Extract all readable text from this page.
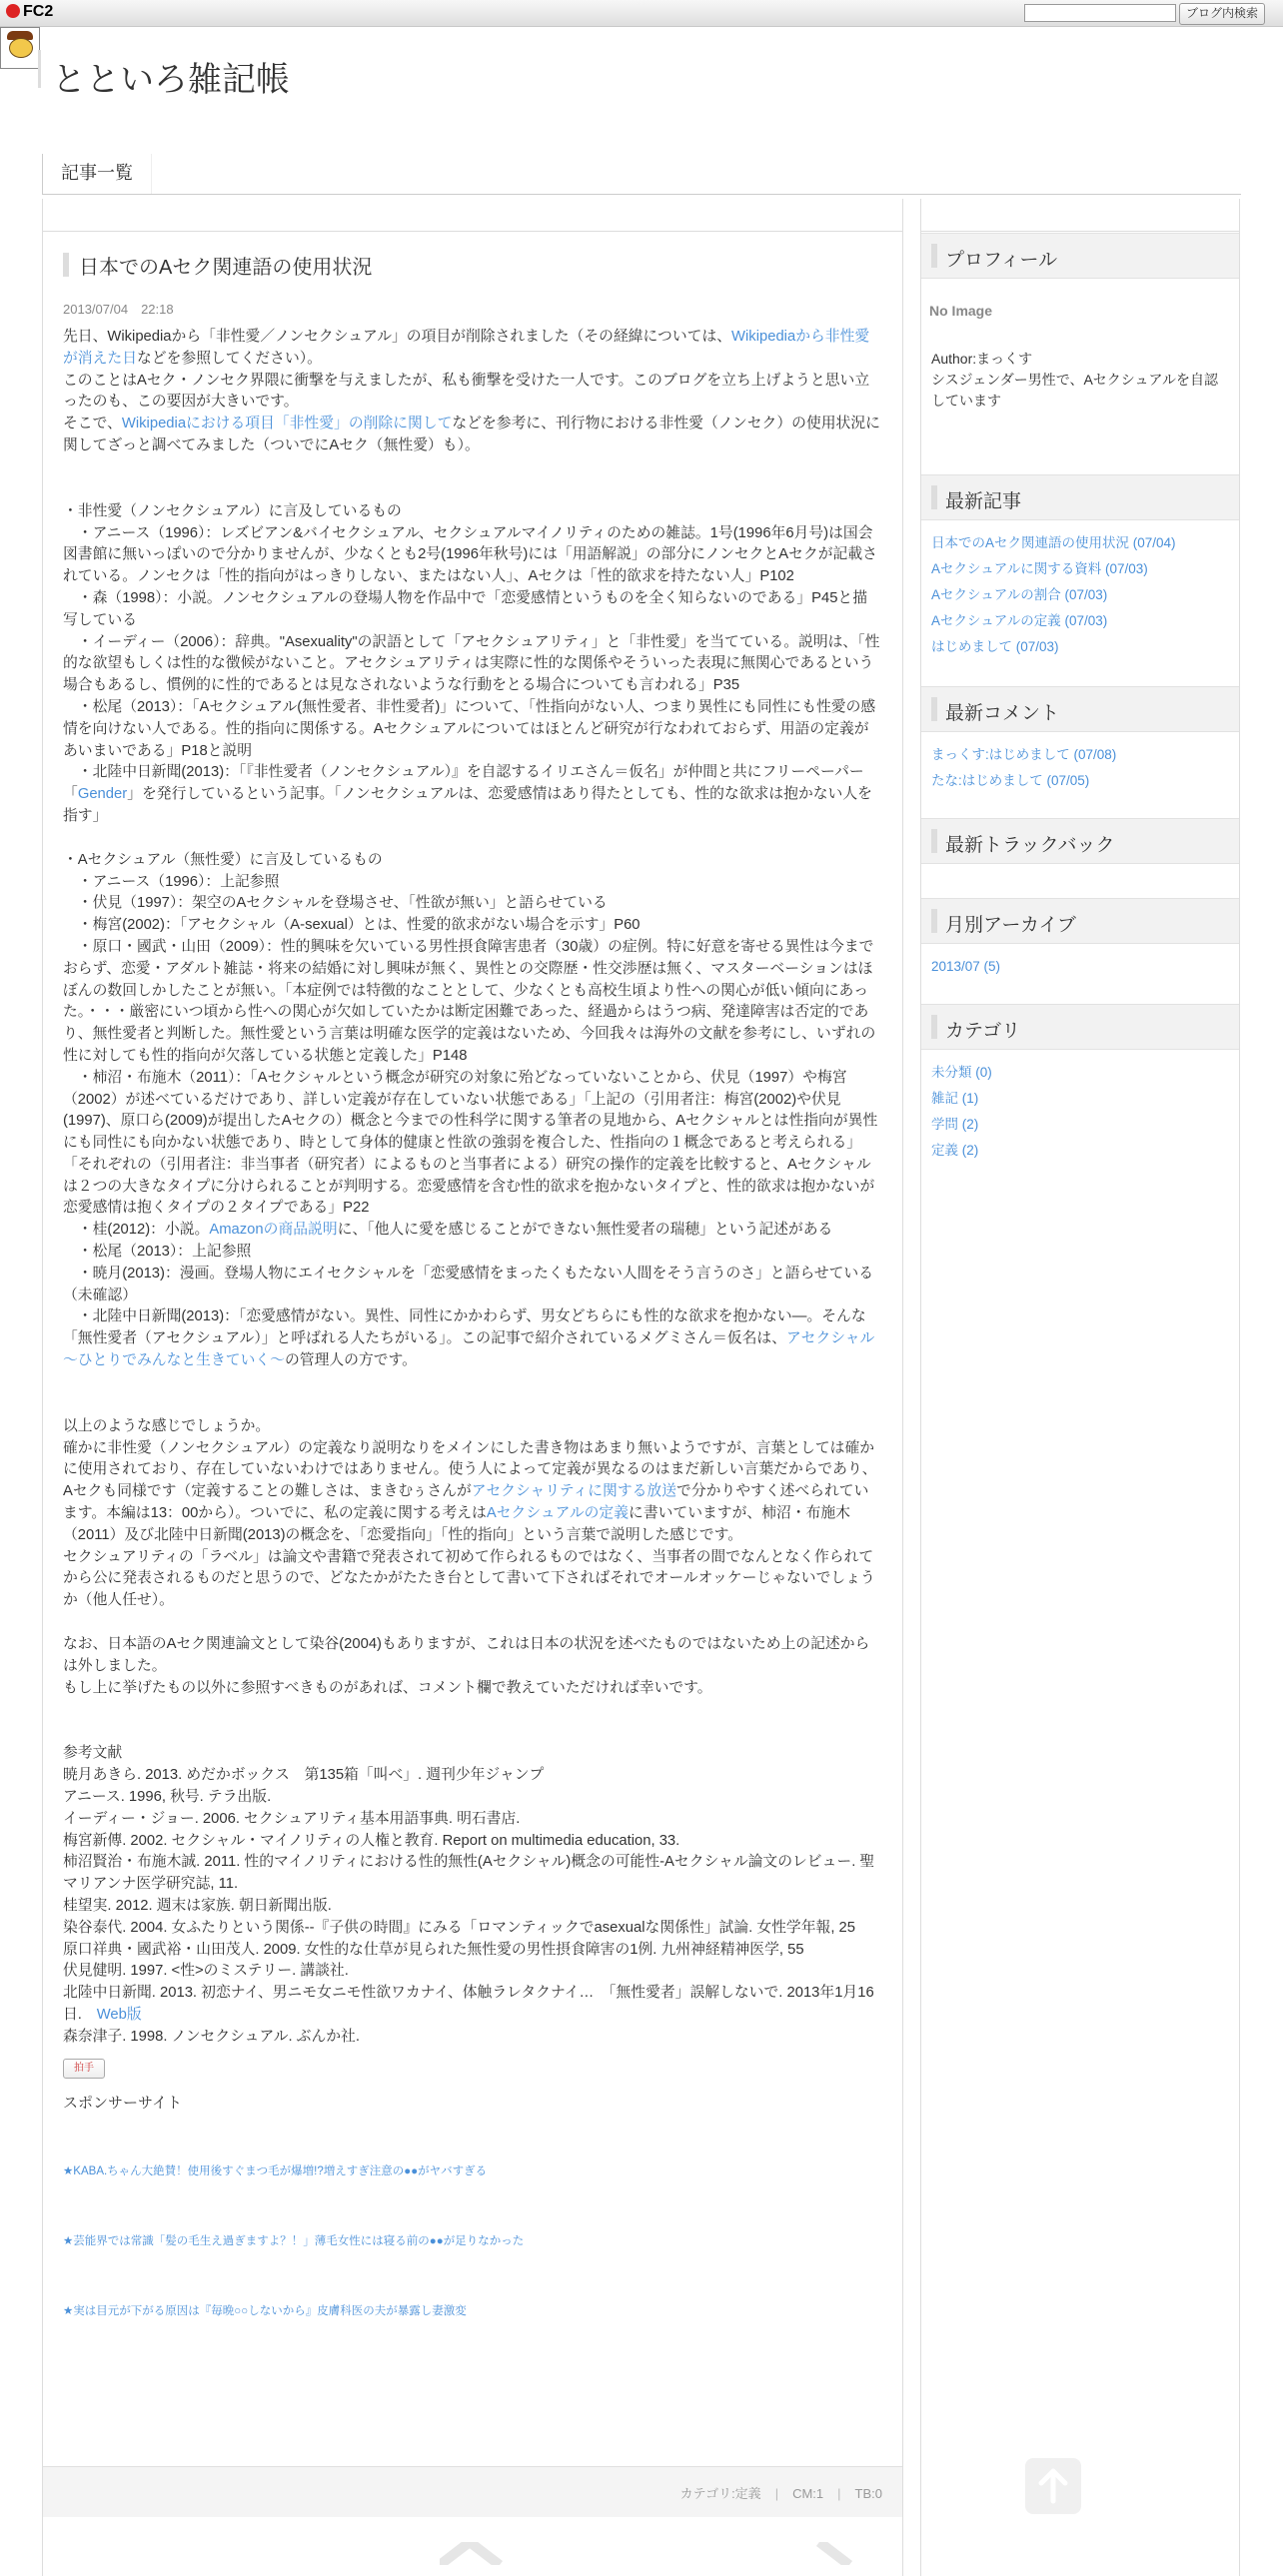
FC2	ブログ内検索
とといろ雑記帳
記事一覧
日本でのAセク関連語の使用状況
2013/07/04　22:18

先日、Wikipediaから「非性愛／ノンセクシュアル」の項目が削除されました（その経緯については、Wikipediaから非性愛が消えた日などを参照してください）。

このことはAセク・ノンセク界隈に衝撃を与えましたが、私も衝撃を受けた一人です。このブログを立ち上げようと思い立ったのも、この要因が大きいです。

そこで、Wikipediaにおける項目「非性愛」の削除に関してなどを参考に、刊行物における非性愛（ノンセク）の使用状況に関してざっと調べてみました（ついでにAセク（無性愛）も）。

・非性愛（ノンセクシュアル）に言及しているもの

　・アニース（1996）：レズビアン&バイセクシュアル、セクシュアルマイノリティのための雑誌。1号(1996年6月号)は国会図書館に無いっぽいので分かりませんが、少なくとも2号(1996年秋号)には「用語解説」の部分にノンセクとAセクが記載されている。ノンセクは「性的指向がはっきりしない、またはない人」、Aセクは「性的欲求を持たない人」P102

　・森（1998）：小説。ノンセクシュアルの登場人物を作品中で「恋愛感情というものを全く知らないのである」P45と描写している

　・イーディー（2006）：辞典。"Asexuality"の訳語として「アセクシュアリティ」と「非性愛」を当てている。説明は、「性的な欲望もしくは性的な徴候がないこと。アセクシュアリティは実際に性的な関係やそういった表現に無関心であるという場合もあるし、慣例的に性的であるとは見なされないような行動をとる場合についても言われる」P35

　・松尾（2013）：「Aセクシュアル(無性愛者、非性愛者)」について、「性指向がない人、つまり異性にも同性にも性愛の感情を向けない人である。性的指向に関係する。Aセクシュアルについてはほとんど研究が行なわれておらず、用語の定義があいまいである」P18と説明

　・北陸中日新聞(2013)：「『非性愛者（ノンセクシュアル）』を自認するイリエさん＝仮名」が仲間と共にフリーペーパー「Gender」を発行しているという記事。「ノンセクシュアルは、恋愛感情はあり得たとしても、性的な欲求は抱かない人を指す」

・Aセクシュアル（無性愛）に言及しているもの

　・アニース（1996）：上記参照

　・伏見（1997）：架空のAセクシャルを登場させ、「性欲が無い」と語らせている

　・梅宮(2002)：「アセクシャル（A-sexual）とは、性愛的欲求がない場合を示す」P60

　・原口・國武・山田（2009）：性的興味を欠いている男性摂食障害患者（30歳）の症例。特に好意を寄せる異性は今までおらず、恋愛・アダルト雑誌・将来の結婚に対し興味が無く、異性との交際歴・性交渉歴は無く、マスターベーションはほぼんの数回しかしたことが無い。「本症例では特徴的なこととして、少なくとも高校生頃より性への関心が低い傾向にあった。・・・厳密にいつ頃から性への関心が欠如していたかは断定困難であった、経過からはうつ病、発達障害は否定的であり、無性愛者と判断した。無性愛という言葉は明確な医学的定義はないため、今回我々は海外の文献を参考にし、いずれの性に対しても性的指向が欠落している状態と定義した」P148

　・柿沼・布施木（2011）：「Aセクシャルという概念が研究の対象に殆どなっていないことから、伏見（1997）や梅宮（2002）が述べているだけであり、詳しい定義が存在していない状態である」「上記の（引用者注：梅宮(2002)や伏見(1997)、原口ら(2009)が提出したAセクの）概念と今までの性科学に関する筆者の見地から、Aセクシャルとは性指向が異性にも同性にも向かない状態であり、時として身体的健康と性欲の強弱を複合した、性指向の１概念であると考えられる」「それぞれの（引用者注：非当事者（研究者）によるものと当事者による）研究の操作的定義を比較すると、Aセクシャルは２つの大きなタイプに分けられることが判明する。恋愛感情を含む性的欲求を抱かないタイプと、性的欲求は抱かないが恋愛感情は抱くタイプの２タイプである」P22

　・桂(2012)：小説。Amazonの商品説明に、「他人に愛を感じることができない無性愛者の瑞穂」という記述がある

　・松尾（2013）：上記参照

　・暁月(2013)：漫画。登場人物にエイセクシャルを「恋愛感情をまったくもたない人間をそう言うのさ」と語らせている（未確認）

　・北陸中日新聞(2013)：「恋愛感情がない。異性、同性にかかわらず、男女どちらにも性的な欲求を抱かない―。そんな「無性愛者（アセクシュアル）」と呼ばれる人たちがいる」。この記事で紹介されているメグミさん＝仮名は、アセクシャル～ひとりでみんなと生きていく～の管理人の方です。

以上のような感じでしょうか。

確かに非性愛（ノンセクシュアル）の定義なり説明なりをメインにした書き物はあまり無いようですが、言葉としては確かに使用されており、存在していないわけではありません。使う人によって定義が異なるのはまだ新しい言葉だからであり、Aセクも同様です（定義することの難しさは、まきむぅさんがアセクシャリティに関する放送で分かりやすく述べられています。本編は13：00から）。ついでに、私の定義に関する考えはAセクシュアルの定義に書いていますが、柿沼・布施木（2011）及び北陸中日新聞(2013)の概念を、「恋愛指向」「性的指向」という言葉で説明した感じです。

セクシュアリティの「ラベル」は論文や書籍で発表されて初めて作られるものではなく、当事者の間でなんとなく作られてから公に発表されるものだと思うので、どなたかがたたき台として書いて下さればそれでオールオッケーじゃないでしょうか（他人任せ）。

なお、日本語のAセク関連論文として染谷(2004)もありますが、これは日本の状況を述べたものではないため上の記述からは外しました。

もし上に挙げたもの以外に参照すべきものがあれば、コメント欄で教えていただければ幸いです。

参考文献

暁月あきら. 2013. めだかボックス　第135箱「叫べ」. 週刊少年ジャンプ

アニース. 1996, 秋号. テラ出版.

イーディー・ジョー. 2006. セクシュアリティ基本用語事典. 明石書店.

梅宮新傳. 2002. セクシャル・マイノリティの人権と教育. Report on multimedia education, 33.

柿沼賢治・布施木誠. 2011. 性的マイノリティにおける性的無性(Aセクシャル)概念の可能性-Aセクシャル論文のレビュー. 聖マリアンナ医学研究誌, 11.

桂望実. 2012. 週末は家族. 朝日新聞出版.

染谷泰代. 2004. 女ふたりという関係--『子供の時間』にみる「ロマンティックでasexualな関係性」試論. 女性学年報, 25

原口祥典・國武裕・山田茂人. 2009. 女性的な仕草が見られた無性愛の男性摂食障害の1例. 九州神経精神医学, 55

伏見健明. 1997. <性>のミステリー. 講談社.

北陸中日新聞. 2013. 初恋ナイ、男ニモ女ニモ性欲ワカナイ、体触ラレタクナイ…　「無性愛者」誤解しないで. 2013年1月16日.　Web版

森奈津子. 1998. ノンセクシュアル. ぶんか社.

拍手
スポンサーサイト
★KABA.ちゃん大絶賛！使用後すぐまつ毛が爆増!?増えすぎ注意の●●がヤバすぎる
★芸能界では常識「髪の毛生え過ぎますよ？！」薄毛女性には寝る前の●●が足りなかった
★実は目元が下がる原因は『毎晩○○しないから』皮膚科医の夫が暴露し妻激変
カテゴリ:定義 | CM:1 | TB:0
プロフィール
No Image
Author:まっくす
シスジェンダー男性で、Aセクシュアルを自認しています
最新記事
日本でのAセク関連語の使用状況 (07/04)
Aセクシュアルに関する資料 (07/03)
Aセクシュアルの割合 (07/03)
Aセクシュアルの定義 (07/03)
はじめまして (07/03)
最新コメント
まっくす:はじめまして (07/08)
たな:はじめまして (07/05)
最新トラックバック
月別アーカイブ
2013/07 (5)
カテゴリ
未分類 (0)
雑記 (1)
学問 (2)
定義 (2)
